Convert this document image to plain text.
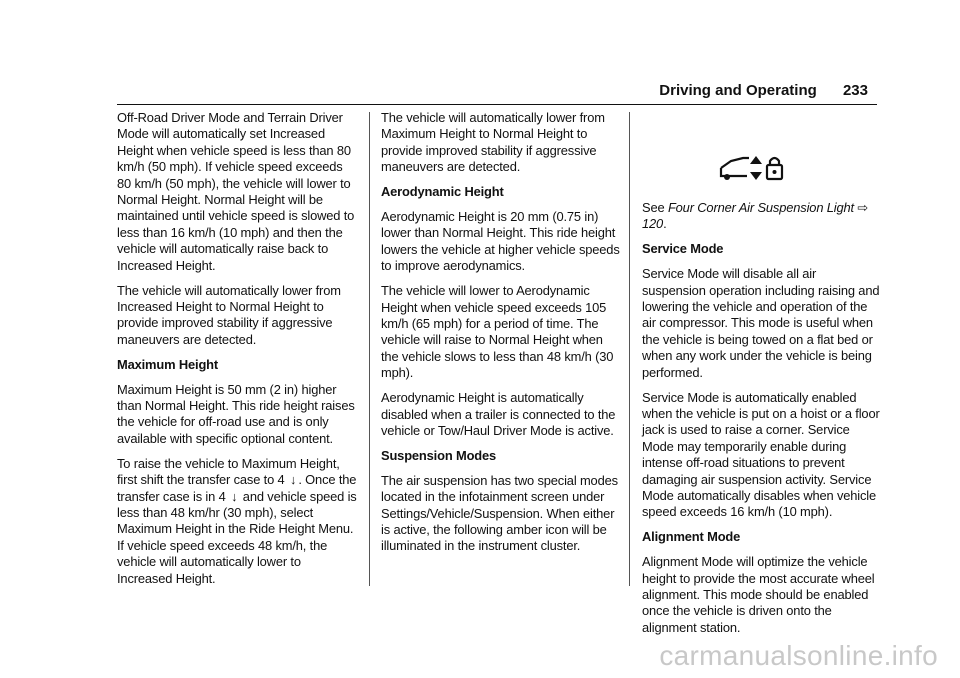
Driving and Operating 233

Off-Road Driver Mode and Terrain Driver Mode will automatically set Increased Height when vehicle speed is less than 80 km/h (50 mph). If vehicle speed exceeds 80 km/h (50 mph), the vehicle will lower to Normal Height. Normal Height will be maintained until vehicle speed is slowed to less than 16 km/h (10 mph) and then the vehicle will automatically raise back to Increased Height.

The vehicle will automatically lower from Increased Height to Normal Height to provide improved stability if aggressive maneuvers are detected.

Maximum Height

Maximum Height is 50 mm (2 in) higher than Normal Height. This ride height raises the vehicle for off-road use and is only available with specific optional content.

To raise the vehicle to Maximum Height, first shift the transfer case to 4 ↓ . Once the transfer case is in 4 ↓ and vehicle speed is less than 48 km/hr (30 mph), select Maximum Height in the Ride Height Menu. If vehicle speed exceeds 48 km/h, the vehicle will automatically lower to Increased Height.

The vehicle will automatically lower from Maximum Height to Normal Height to provide improved stability if aggressive maneuvers are detected.

Aerodynamic Height

Aerodynamic Height is 20 mm (0.75 in) lower than Normal Height. This ride height lowers the vehicle at higher vehicle speeds to improve aerodynamics.

The vehicle will lower to Aerodynamic Height when vehicle speed exceeds 105 km/h (65 mph) for a period of time. The vehicle will raise to Normal Height when the vehicle slows to less than 48 km/h (30 mph).

Aerodynamic Height is automatically disabled when a trailer is connected to the vehicle or Tow/Haul Driver Mode is active.

Suspension Modes

The air suspension has two special modes located in the infotainment screen under Settings/Vehicle/Suspension. When either is active, the following amber icon will be illuminated in the instrument cluster.

See Four Corner Air Suspension Light ⇨ 120.

Service Mode

Service Mode will disable all air suspension operation including raising and lowering the vehicle and operation of the air compressor. This mode is useful when the vehicle is being towed on a flat bed or when any work under the vehicle is being performed.

Service Mode is automatically enabled when the vehicle is put on a hoist or a floor jack is used to raise a corner. Service Mode may temporarily enable during intense off-road situations to prevent damaging air suspension activity. Service Mode automatically disables when vehicle speed exceeds 16 km/h (10 mph).

Alignment Mode

Alignment Mode will optimize the vehicle height to provide the most accurate wheel alignment. This mode should be enabled once the vehicle is driven onto the alignment station.

carmanualsonline.info
